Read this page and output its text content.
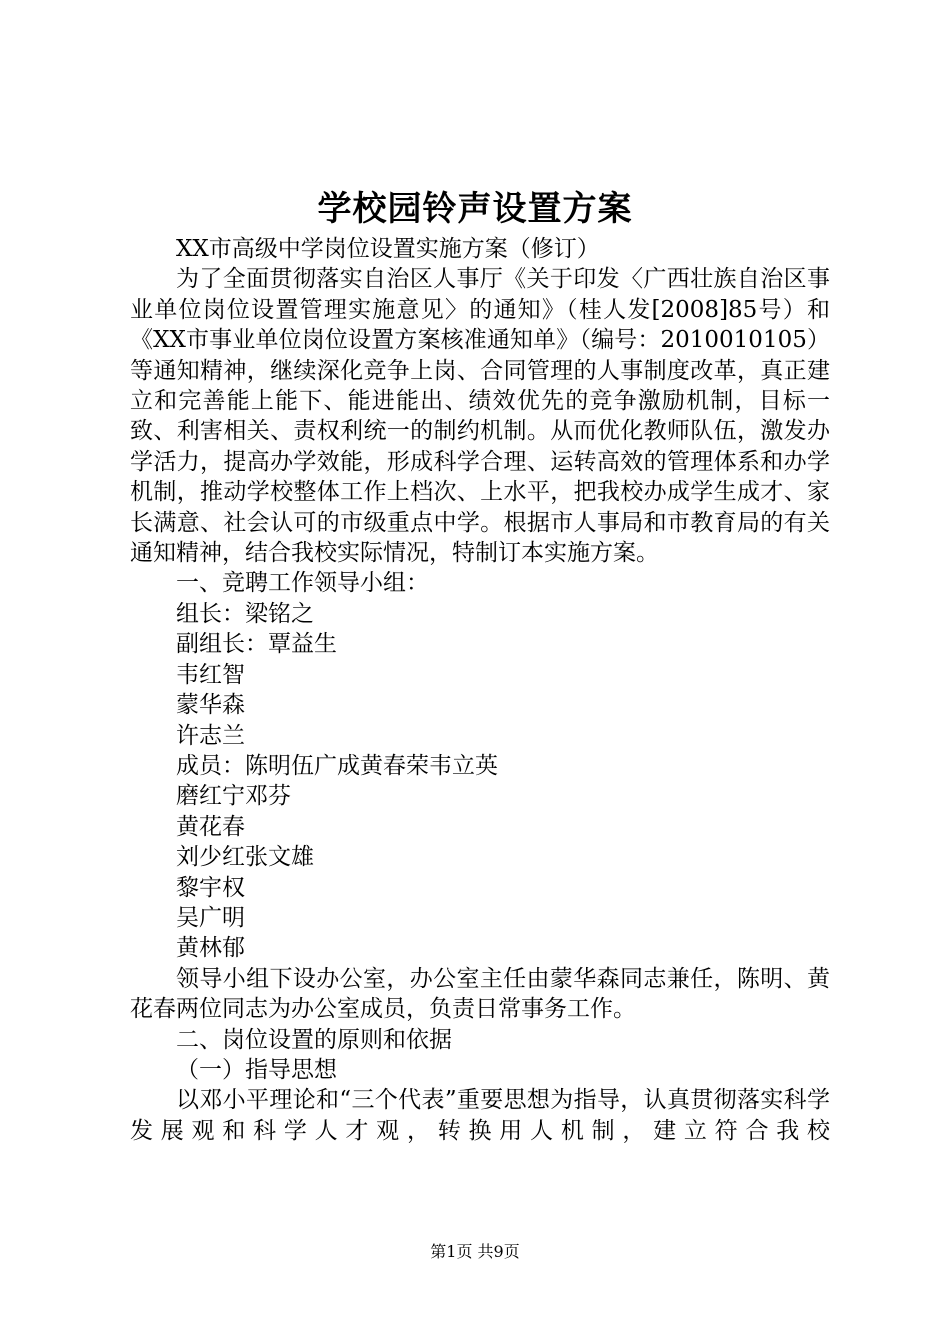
学校园铃声设置方案

XX市高级中学岗位设置实施方案（修订）

为了全面贯彻落实自治区人事厅《关于印发〈广西壮族自治区事业单位岗位设置管理实施意见〉的通知》（桂人发[2008]85号）和《XX市事业单位岗位设置方案核准通知单》（编号：2010010105）等通知精神，继续深化竞争上岗、合同管理的人事制度改革，真正建立和完善能上能下、能进能出、绩效优先的竞争激励机制，目标一致、利害相关、责权利统一的制约机制。从而优化教师队伍，激发办学活力，提高办学效能，形成科学合理、运转高效的管理体系和办学机制，推动学校整体工作上档次、上水平，把我校办成学生成才、家长满意、社会认可的市级重点中学。根据市人事局和市教育局的有关通知精神，结合我校实际情况，特制订本实施方案。

一、竞聘工作领导小组：

组长：梁铭之

副组长：覃益生

韦红智

蒙华森

许志兰

成员：陈明伍广成黄春荣韦立英

磨红宁邓芬

黄花春

刘少红张文雄

黎宇权

吴广明

黄林郁

领导小组下设办公室，办公室主任由蒙华森同志兼任，陈明、黄花春两位同志为办公室成员，负责日常事务工作。

二、岗位设置的原则和依据

（一）指导思想

以邓小平理论和“三个代表”重要思想为指导，认真贯彻落实科学发展观和科学人才观，转换用人机制，建立符合我校

第1页 共9页
